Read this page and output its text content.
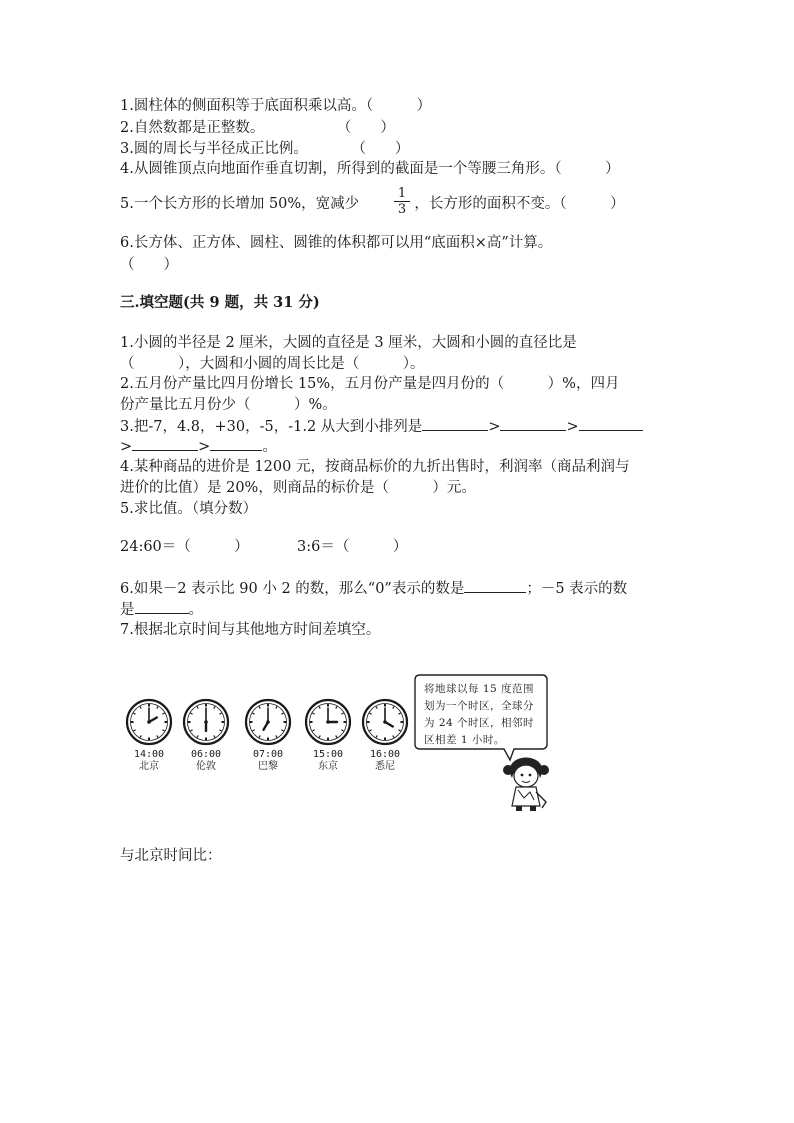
1.圆柱体的侧面积等于底面积乘以高。（　　　）
2.自然数都是正整数。　　　　　　（　　）
3.圆的周长与半径成正比例。　　　　（　　）
4.从圆锥顶点向地面作垂直切割，所得到的截面是一个等腰三角形。（　　　）
5.一个长方形的长增加 50%，宽减少	，长方形的面积不变。（　　　）
$\frac{1}{3}$
6.长方体、正方体、圆柱、圆锥的体积都可以用“底面积×高”计算。
（　　）
三.填空题(共 9 题，共 31 分)
1.小圆的半径是 2 厘米，大圆的直径是 3 厘米，大圆和小圆的直径比是
（　　　），大圆和小圆的周长比是（　　　）。
2.五月份产量比四月份增长 15%，五月份产量是四月份的（　　　）%，四月
份产量比五月份少（　　　）%。
3.把-7，4.8，+30，-5，-1.2 从大到小排列是	>	>
>	>	。
4.某种商品的进价是 1200 元，按商品标价的九折出售时，利润率（商品利润与
进价的比值）是 20%，则商品的标价是（　　　）元。
5.求比值。（填分数）
24:60＝（　　　）	3:6＝（　　　）
6.如果－2 表示比 90 小 2 的数，那么“0”表示的数是	；－5 表示的数
是	。
7.根据北京时间与其他地方时间差填空。
14:00
北京
06:00
伦敦
07:00
巴黎
15:00
东京
16:00
悉尼
将地球以每 15 度范围划为一个时区，全球分为 24 个时区，相邻时区相差 1 小时。
与北京时间比：
